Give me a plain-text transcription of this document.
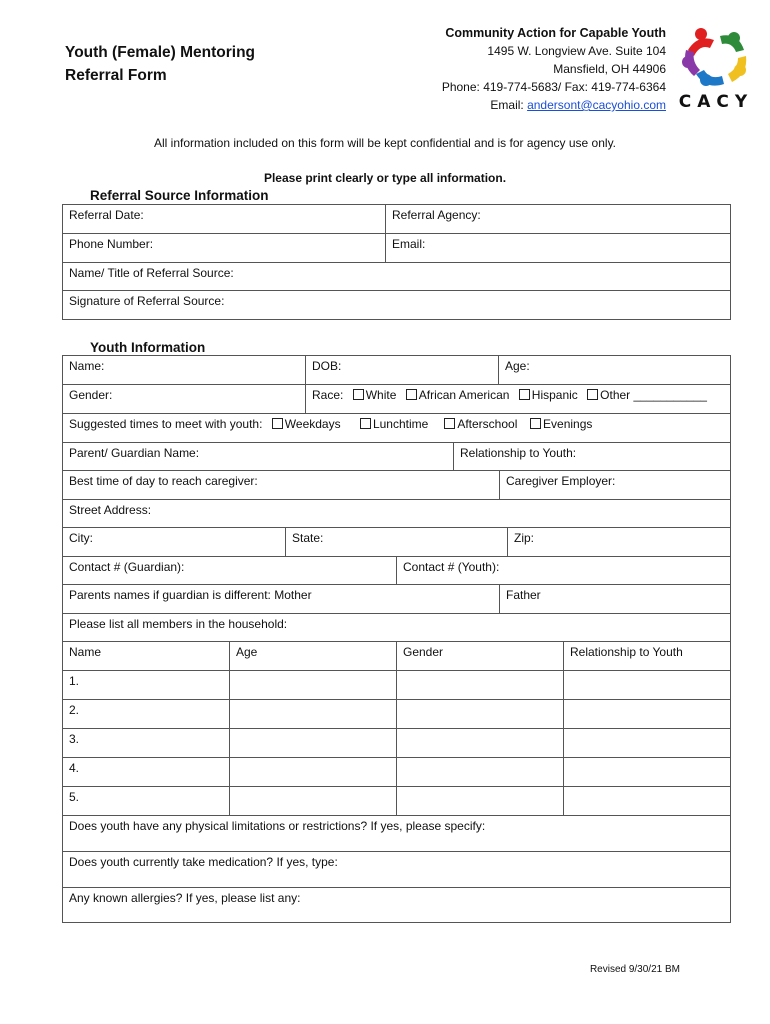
Youth (Female) Mentoring
Referral Form
Community Action for Capable Youth
1495 W. Longview Ave. Suite 104
Mansfield, OH 44906
Phone: 419-774-5683/ Fax: 419-774-6364
Email: andersont@cacyohio.com CACY
All information included on this form will be kept confidential and is for agency use only.
Please print clearly or type all information.
Referral Source Information
Referral Date:	Referral Agency:

Phone Number:	Email:

Name/ Title of Referral Source:	

Signature of Referral Source:	
Youth Information
Name:	DOB:	Age:
Gender:	Race: White African American Hispanic Other ___________
Suggested times to meet with youth: Weekdays	Lunchtime Afterschool Evenings
Parent/ Guardian Name:	Relationship to Youth:
Best time of day to reach caregiver:	Caregiver Employer:
Street Address:
City:	State:	Zip:
Contact # (Guardian):	Contact # (Youth):
Parents names if guardian is different: Mother	Father
Please list all members in the household:
Name	Age	Gender	Relationship to Youth

1.			

2.			

3.			

4.			

5.			

Does youth have any physical limitations or restrictions? If yes, please specify:

Does youth currently take medication? If yes, type:

Any known allergies? If yes, please list any:
Revised 9/30/21 BM
